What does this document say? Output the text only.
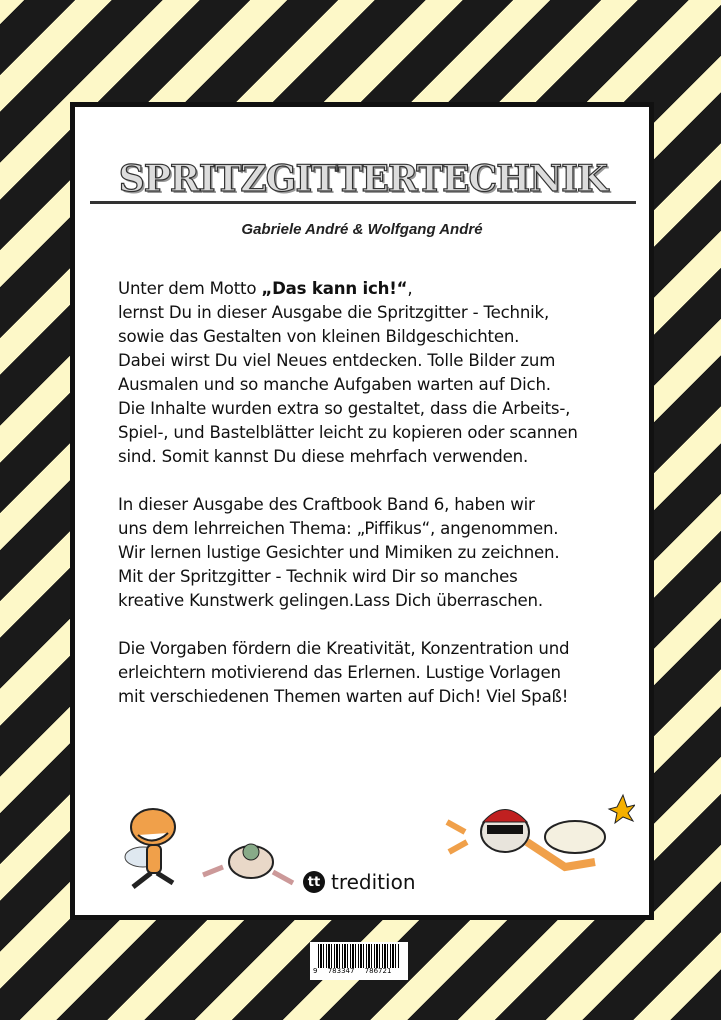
SPRITZGITTERTECHNIK
Gabriele André & Wolfgang André

Unter dem Motto „Das kann ich!“,
lernst Du in dieser Ausgabe die Spritzgitter - Technik,
sowie das Gestalten von kleinen Bildgeschichten.
Dabei wirst Du viel Neues entdecken. Tolle Bilder zum
Ausmalen und so manche Aufgaben warten auf Dich.
Die Inhalte wurden extra so gestaltet, dass die Arbeits-,
Spiel-, und Bastelblätter leicht zu kopieren oder scannen
sind. Somit kannst Du diese mehrfach verwenden.

In dieser Ausgabe des Craftbook Band 6, haben wir
uns dem lehrreichen Thema: „Piffikus“, angenommen.
Wir lernen lustige Gesichter und Mimiken zu zeichnen.
Mit der Spritzgitter - Technik wird Dir so manches
kreative Kunstwerk gelingen.Lass Dich überraschen.

Die Vorgaben fördern die Kreativität, Konzentration und
erleichtern motivierend das Erlernen. Lustige Vorlagen
mit verschiedenen Themen warten auf Dich! Viel Spaß!

tt tredition
9 783347 786721
